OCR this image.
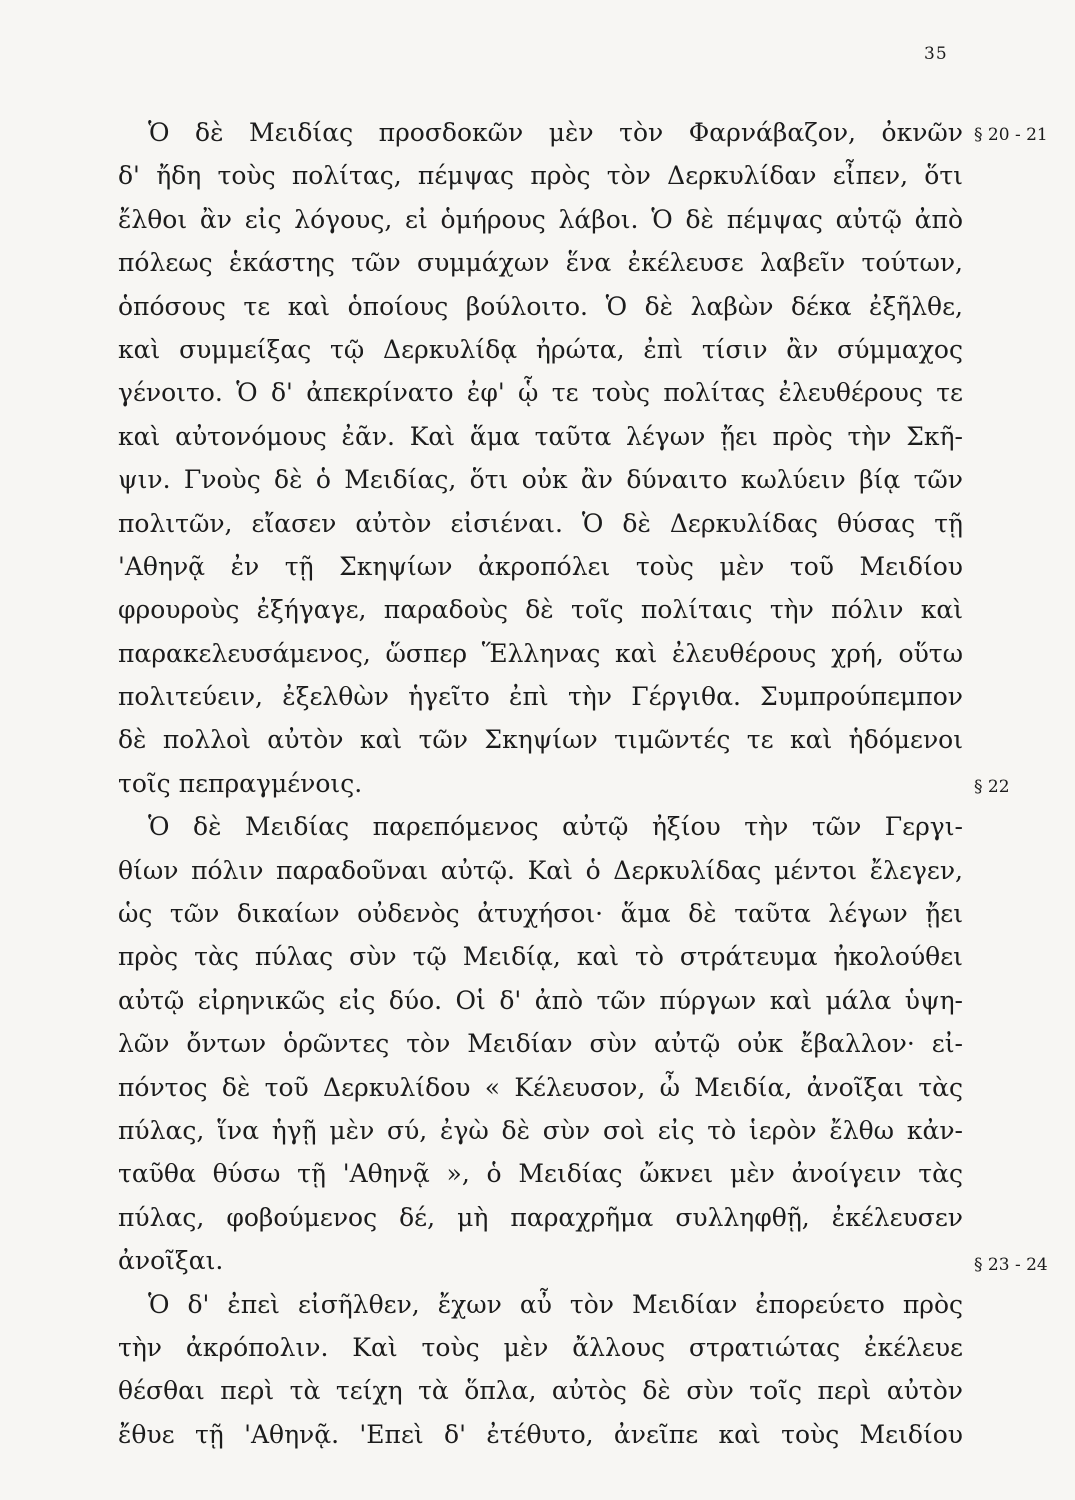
35
§ 20 - 21
§ 22
§ 23 - 24
Ὁ δὲ Μειδίας προσδοκῶν μὲν τὸν Φαρνάβαζον, ὀκνῶν
δ' ἤδη τοὺς πολίτας, πέμψας πρὸς τὸν Δερκυλίδαν εἶπεν, ὅτι
ἔλθοι ἂν εἰς λόγους, εἰ ὁμήρους λάβοι. Ὁ δὲ πέμψας αὐτῷ ἀπὸ
πόλεως ἑκάστης τῶν συμμάχων ἕνα ἐκέλευσε λαβεῖν τούτων,
ὁπόσους τε καὶ ὁποίους βούλοιτο. Ὁ δὲ λαβὼν δέκα ἐξῆλθε,
καὶ συμμείξας τῷ Δερκυλίδᾳ ἠρώτα, ἐπὶ τίσιν ἂν σύμμαχος
γένοιτο. Ὁ δ' ἀπεκρίνατο ἐφ' ᾧ τε τοὺς πολίτας ἐλευθέρους τε
καὶ αὐτονόμους ἐᾶν. Καὶ ἅμα ταῦτα λέγων ᾔει πρὸς τὴν Σκῆ-
ψιν. Γνοὺς δὲ ὁ Μειδίας, ὅτι οὐκ ἂν δύναιτο κωλύειν βίᾳ τῶν
πολιτῶν, εἴασεν αὐτὸν εἰσιέναι. Ὁ δὲ Δερκυλίδας θύσας τῇ
'Αθηνᾷ ἐν τῇ Σκηψίων ἀκροπόλει τοὺς μὲν τοῦ Μειδίου
φρουροὺς ἐξήγαγε, παραδοὺς δὲ τοῖς πολίταις τὴν πόλιν καὶ
παρακελευσάμενος, ὥσπερ Ἕλληνας καὶ ἐλευθέρους χρή, οὕτω
πολιτεύειν, ἐξελθὼν ἡγεῖτο ἐπὶ τὴν Γέργιθα. Συμπρούπεμπον
δὲ πολλοὶ αὐτὸν καὶ τῶν Σκηψίων τιμῶντές τε καὶ ἡδόμενοι
τοῖς πεπραγμένοις.
Ὁ δὲ Μειδίας παρεπόμενος αὐτῷ ἠξίου τὴν τῶν Γεργι-
θίων πόλιν παραδοῦναι αὐτῷ. Καὶ ὁ Δερκυλίδας μέντοι ἔλεγεν,
ὡς τῶν δικαίων οὐδενὸς ἀτυχήσοι· ἅμα δὲ ταῦτα λέγων ᾔει
πρὸς τὰς πύλας σὺν τῷ Μειδίᾳ, καὶ τὸ στράτευμα ἠκολούθει
αὐτῷ εἰρηνικῶς εἰς δύο. Οἱ δ' ἀπὸ τῶν πύργων καὶ μάλα ὑψη-
λῶν ὄντων ὁρῶντες τὸν Μειδίαν σὺν αὐτῷ οὐκ ἔβαλλον· εἰ-
πόντος δὲ τοῦ Δερκυλίδου « Κέλευσον, ὦ Μειδία, ἀνοῖξαι τὰς
πύλας, ἵνα ἡγῇ μὲν σύ, ἐγὼ δὲ σὺν σοὶ εἰς τὸ ἱερὸν ἔλθω κἀν-
ταῦθα θύσω τῇ 'Αθηνᾷ », ὁ Μειδίας ὤκνει μὲν ἀνοίγειν τὰς
πύλας, φοβούμενος δέ, μὴ παραχρῆμα συλληφθῇ, ἐκέλευσεν
ἀνοῖξαι.
Ὁ δ' ἐπεὶ εἰσῆλθεν, ἔχων αὖ τὸν Μειδίαν ἐπορεύετο πρὸς
τὴν ἀκρόπολιν. Καὶ τοὺς μὲν ἄλλους στρατιώτας ἐκέλευε
θέσθαι περὶ τὰ τείχη τὰ ὅπλα, αὐτὸς δὲ σὺν τοῖς περὶ αὐτὸν
ἔθυε τῇ 'Αθηνᾷ. 'Επεὶ δ' ἐτέθυτο, ἀνεῖπε καὶ τοὺς Μειδίου
